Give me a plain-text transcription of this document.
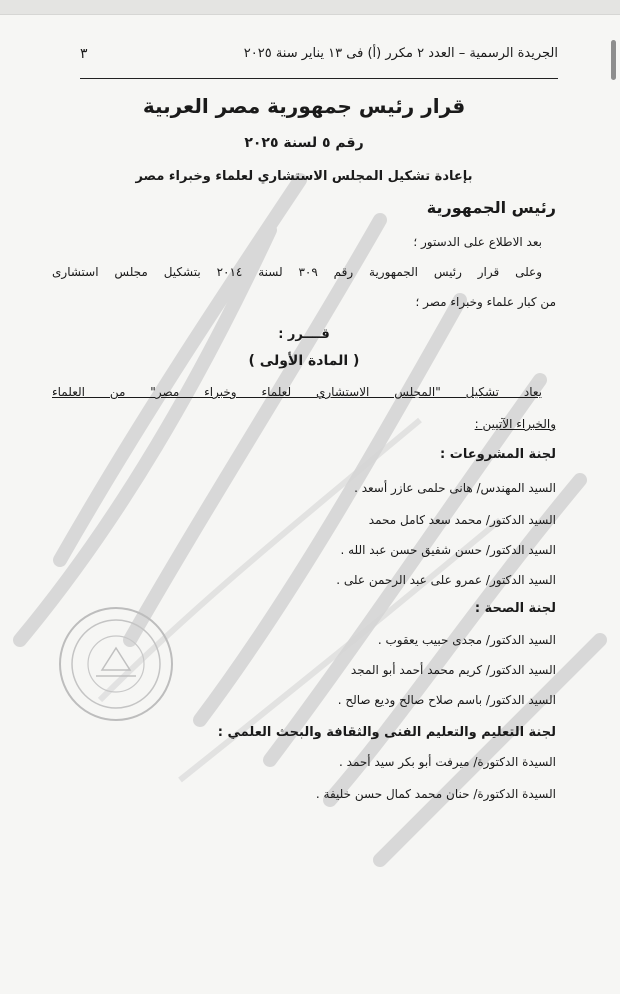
الجريدة الرسمية – العدد ٢ مكرر (أ) فى ١٣ يناير سنة ٢٠٢٥
٣
قرار رئيس جمهورية مصر العربية
رقم ٥ لسنة ٢٠٢٥
بإعادة تشكيل المجلس الاستشاري لعلماء وخبراء مصر
رئيس الجمهورية
بعد الاطلاع على الدستور ؛
وعلى قرار رئيس الجمهورية رقم ٣٠٩ لسنة ٢٠١٤ بتشكيل مجلس استشارى
من كبار علماء وخبراء مصر ؛
قــــرر :
( المادة الأولى )
يعاد تشكيل "المجلس الاستشاري لعلماء وخبراء مصر" من العلماء
والخبراء الآتيين :
لجنة المشروعات :
السيد المهندس/ هانى حلمى عازر أسعد .
السيد الدكتور/ محمد سعد كامل محمد
السيد الدكتور/ حسن شفيق حسن عبد الله .
السيد الدكتور/ عمرو على عبد الرحمن على .
لجنة الصحة :
السيد الدكتور/ مجدى حبيب يعقوب .
السيد الدكتور/ كريم محمد أحمد أبو المجد
السيد الدكتور/ باسم صلاح صالح وديع صالح .
لجنة التعليم والتعليم الفنى والثقافة والبحث العلمي :
السيدة الدكتورة/ ميرفت أبو بكر سيد أحمد .
السيدة الدكتورة/ حنان محمد كمال حسن خليفة .
